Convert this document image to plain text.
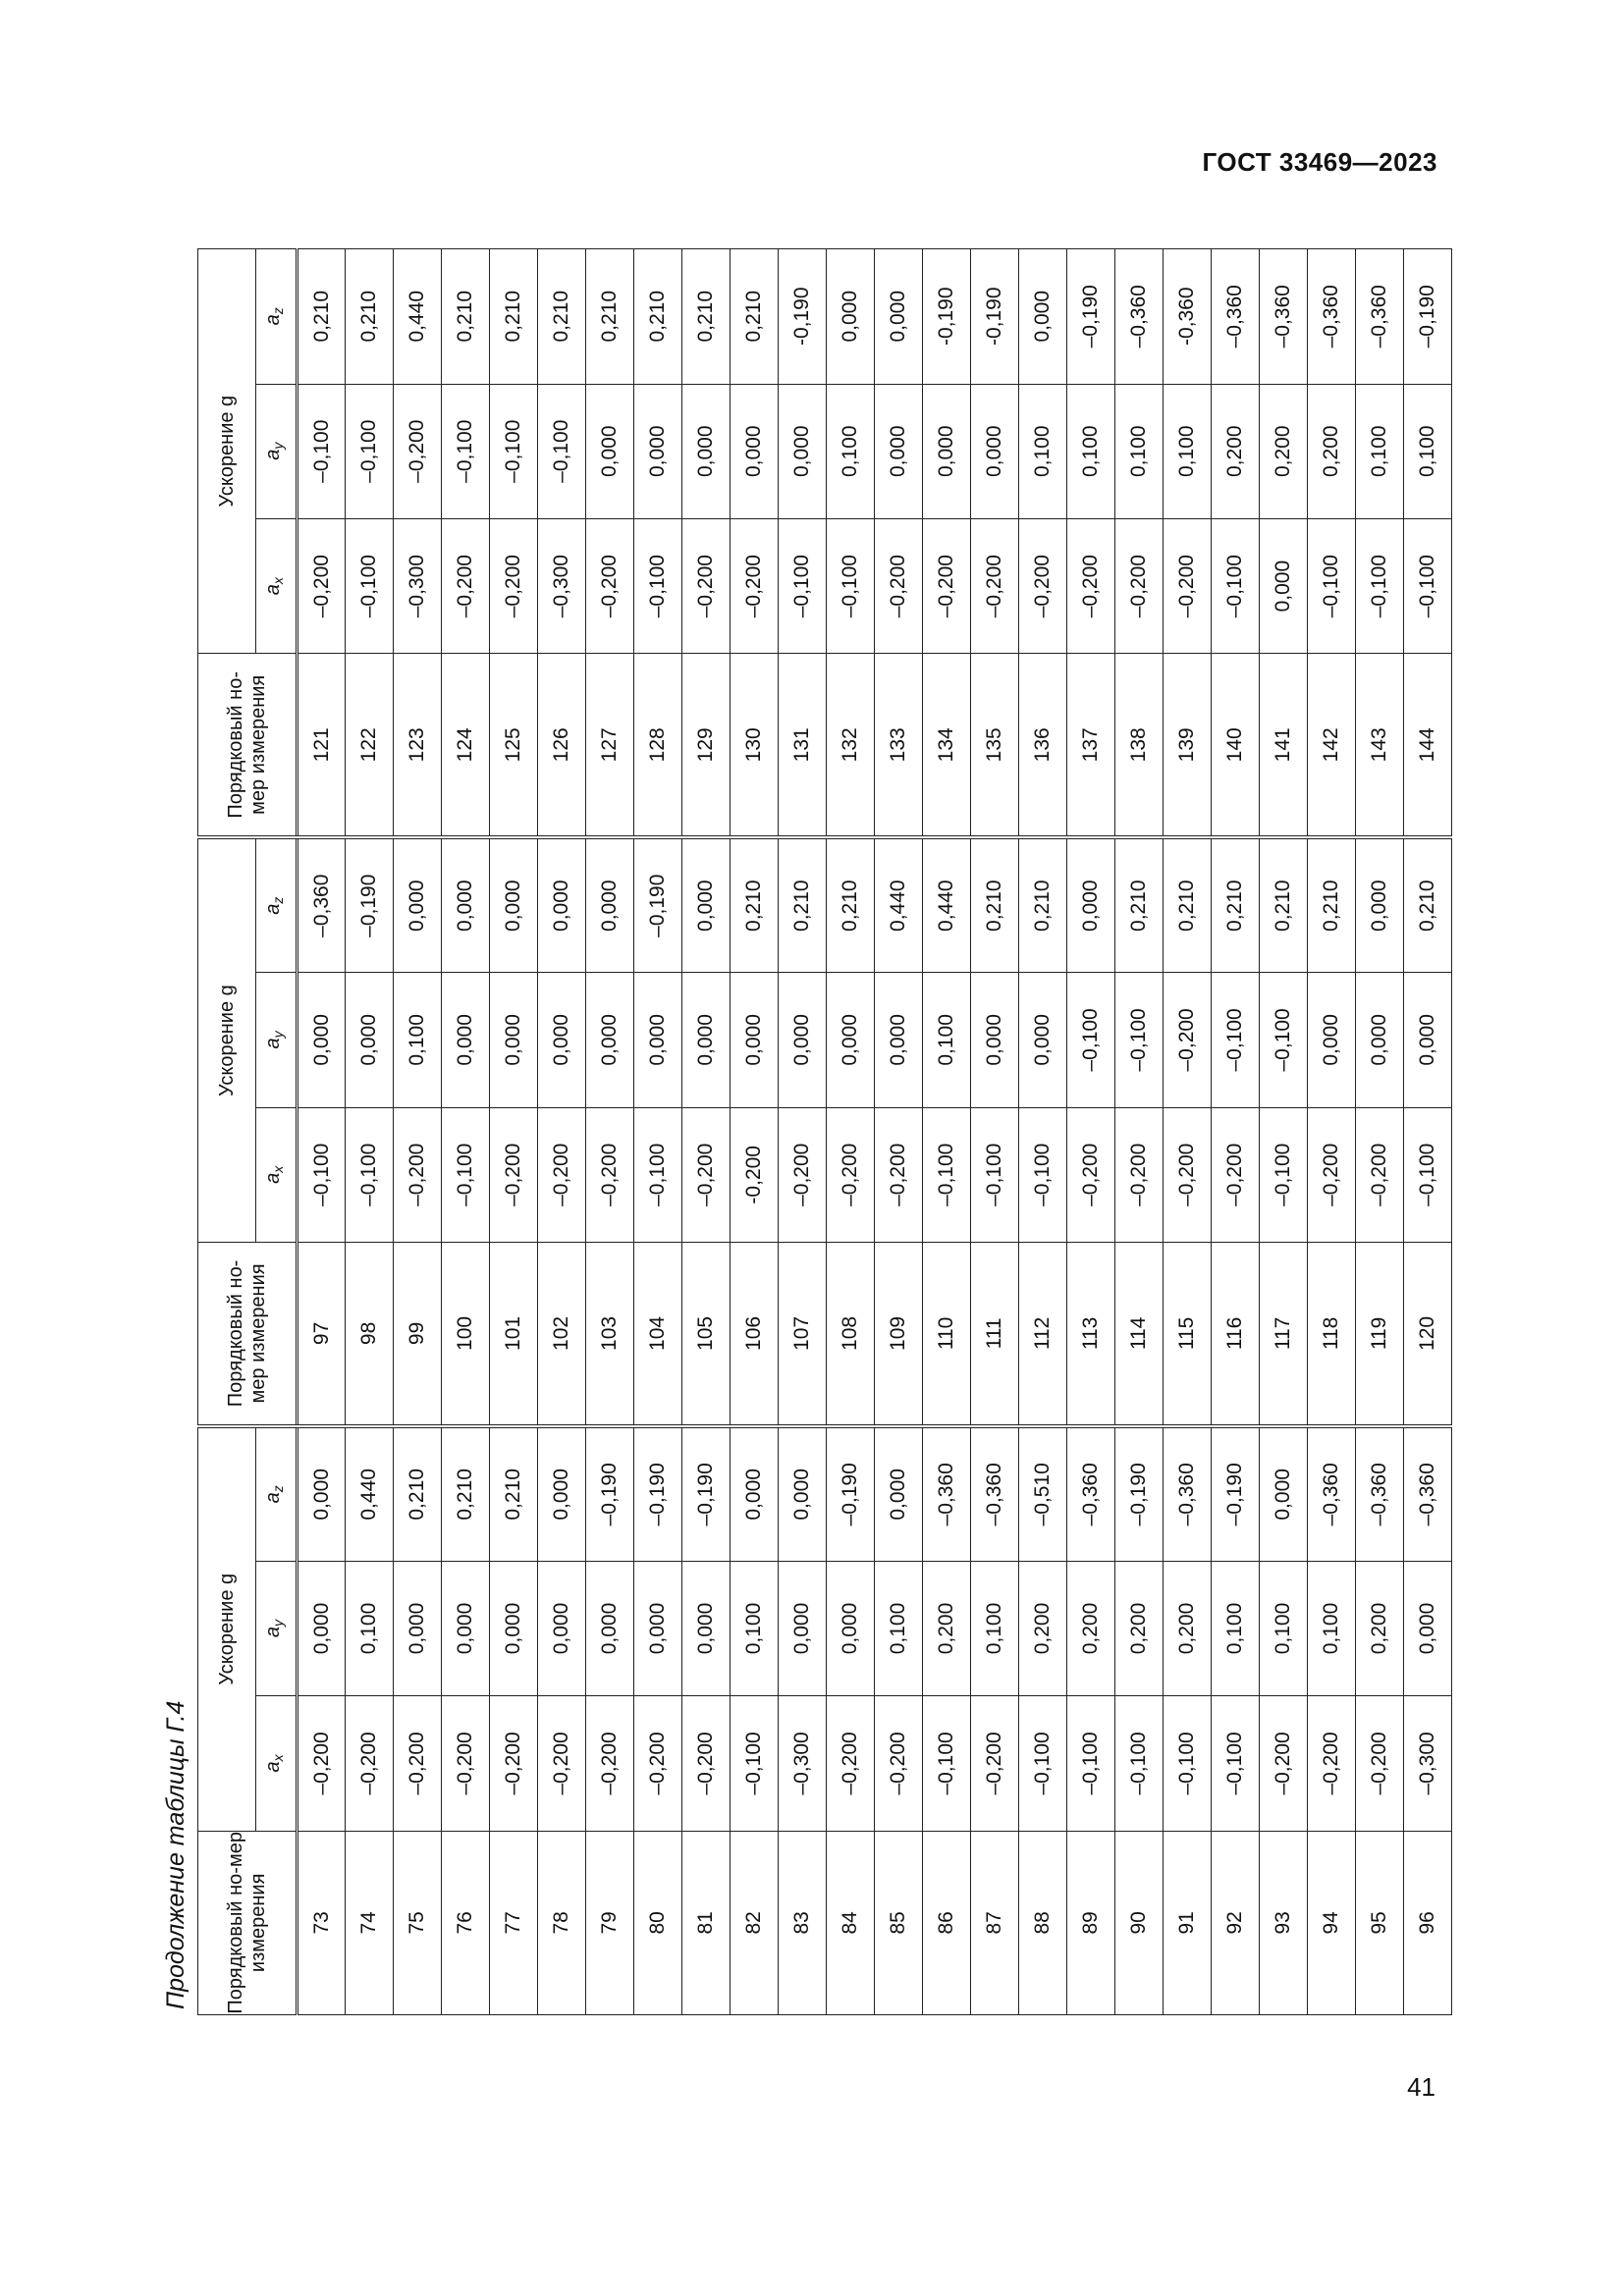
ГОСТ 33469—2023
Продолжение таблицы Г.4	Порядковый но-мер измерения	Ускорение g			Порядковый но-мер измерения	Ускорение g			Порядковый но-мер измерения	Ускорение g		
	$a_x$	$a_y$	$a_z$		$a_x$	$a_y$	$a_z$		$a_x$	$a_y$	$a_z$
73	–0,200	0,000	0,000	97	–0,100	0,000	–0,360	121	–0,200	–0,100	0,210
74	–0,200	0,100	0,440	98	–0,100	0,000	–0,190	122	–0,100	–0,100	0,210
75	–0,200	0,000	0,210	99	–0,200	0,100	0,000	123	–0,300	–0,200	0,440
76	–0,200	0,000	0,210	100	–0,100	0,000	0,000	124	–0,200	–0,100	0,210
77	–0,200	0,000	0,210	101	–0,200	0,000	0,000	125	–0,200	–0,100	0,210
78	–0,200	0,000	0,000	102	–0,200	0,000	0,000	126	–0,300	–0,100	0,210
79	–0,200	0,000	–0,190	103	–0,200	0,000	0,000	127	–0,200	0,000	0,210
80	–0,200	0,000	–0,190	104	–0,100	0,000	–0,190	128	–0,100	0,000	0,210
81	–0,200	0,000	–0,190	105	–0,200	0,000	0,000	129	–0,200	0,000	0,210
82	–0,100	0,100	0,000	106	-0,200	0,000	0,210	130	–0,200	0,000	0,210
83	–0,300	0,000	0,000	107	–0,200	0,000	0,210	131	–0,100	0,000	-0,190
84	–0,200	0,000	–0,190	108	–0,200	0,000	0,210	132	–0,100	0,100	0,000
85	–0,200	0,100	0,000	109	–0,200	0,000	0,440	133	–0,200	0,000	0,000
86	–0,100	0,200	–0,360	110	–0,100	0,100	0,440	134	–0,200	0,000	-0,190
87	–0,200	0,100	–0,360	111	–0,100	0,000	0,210	135	–0,200	0,000	-0,190
88	–0,100	0,200	–0,510	112	–0,100	0,000	0,210	136	–0,200	0,100	0,000
89	–0,100	0,200	–0,360	113	–0,200	–0,100	0,000	137	–0,200	0,100	–0,190
90	–0,100	0,200	–0,190	114	–0,200	–0,100	0,210	138	–0,200	0,100	–0,360
91	–0,100	0,200	–0,360	115	–0,200	–0,200	0,210	139	–0,200	0,100	-0,360
92	–0,100	0,100	–0,190	116	–0,200	–0,100	0,210	140	–0,100	0,200	–0,360
93	–0,200	0,100	0,000	117	–0,100	–0,100	0,210	141	0,000	0,200	–0,360
94	–0,200	0,100	–0,360	118	–0,200	0,000	0,210	142	–0,100	0,200	–0,360
95	–0,200	0,200	–0,360	119	–0,200	0,000	0,000	143	–0,100	0,100	–0,360
96	–0,300	0,000	–0,360	120	–0,100	0,000	0,210	144	–0,100	0,100	–0,190
41
